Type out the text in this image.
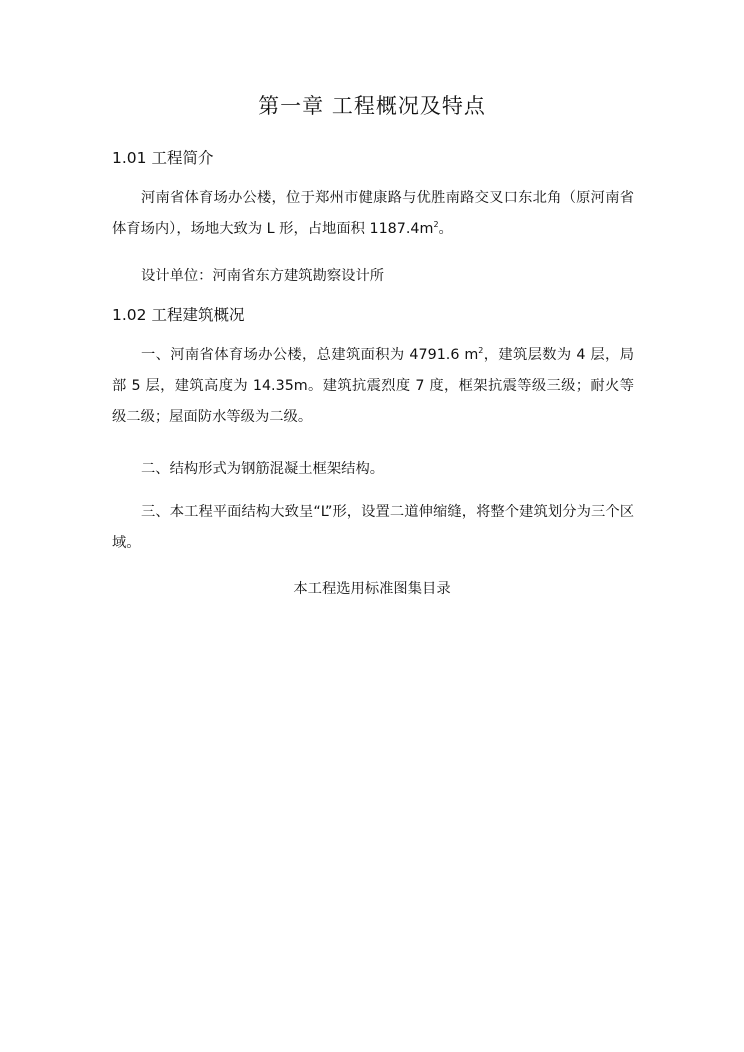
第一章 工程概况及特点
1.01 工程简介
河南省体育场办公楼，位于郑州市健康路与优胜南路交叉口东北角（原河南省体育场内），场地大致为 L 形，占地面积 $1187.4m^2$。
设计单位：河南省东方建筑勘察设计所
1.02 工程建筑概况
一、河南省体育场办公楼，总建筑面积为 4791.6 $m^2$，建筑层数为 4 层，局部 5 层，建筑高度为 14.35m。建筑抗震烈度 7 度，框架抗震等级三级；耐火等级二级；屋面防水等级为二级。
二、结构形式为钢筋混凝土框架结构。
三、本工程平面结构大致呈“L”形，设置二道伸缩缝，将整个建筑划分为三个区域。
本工程选用标准图集目录
